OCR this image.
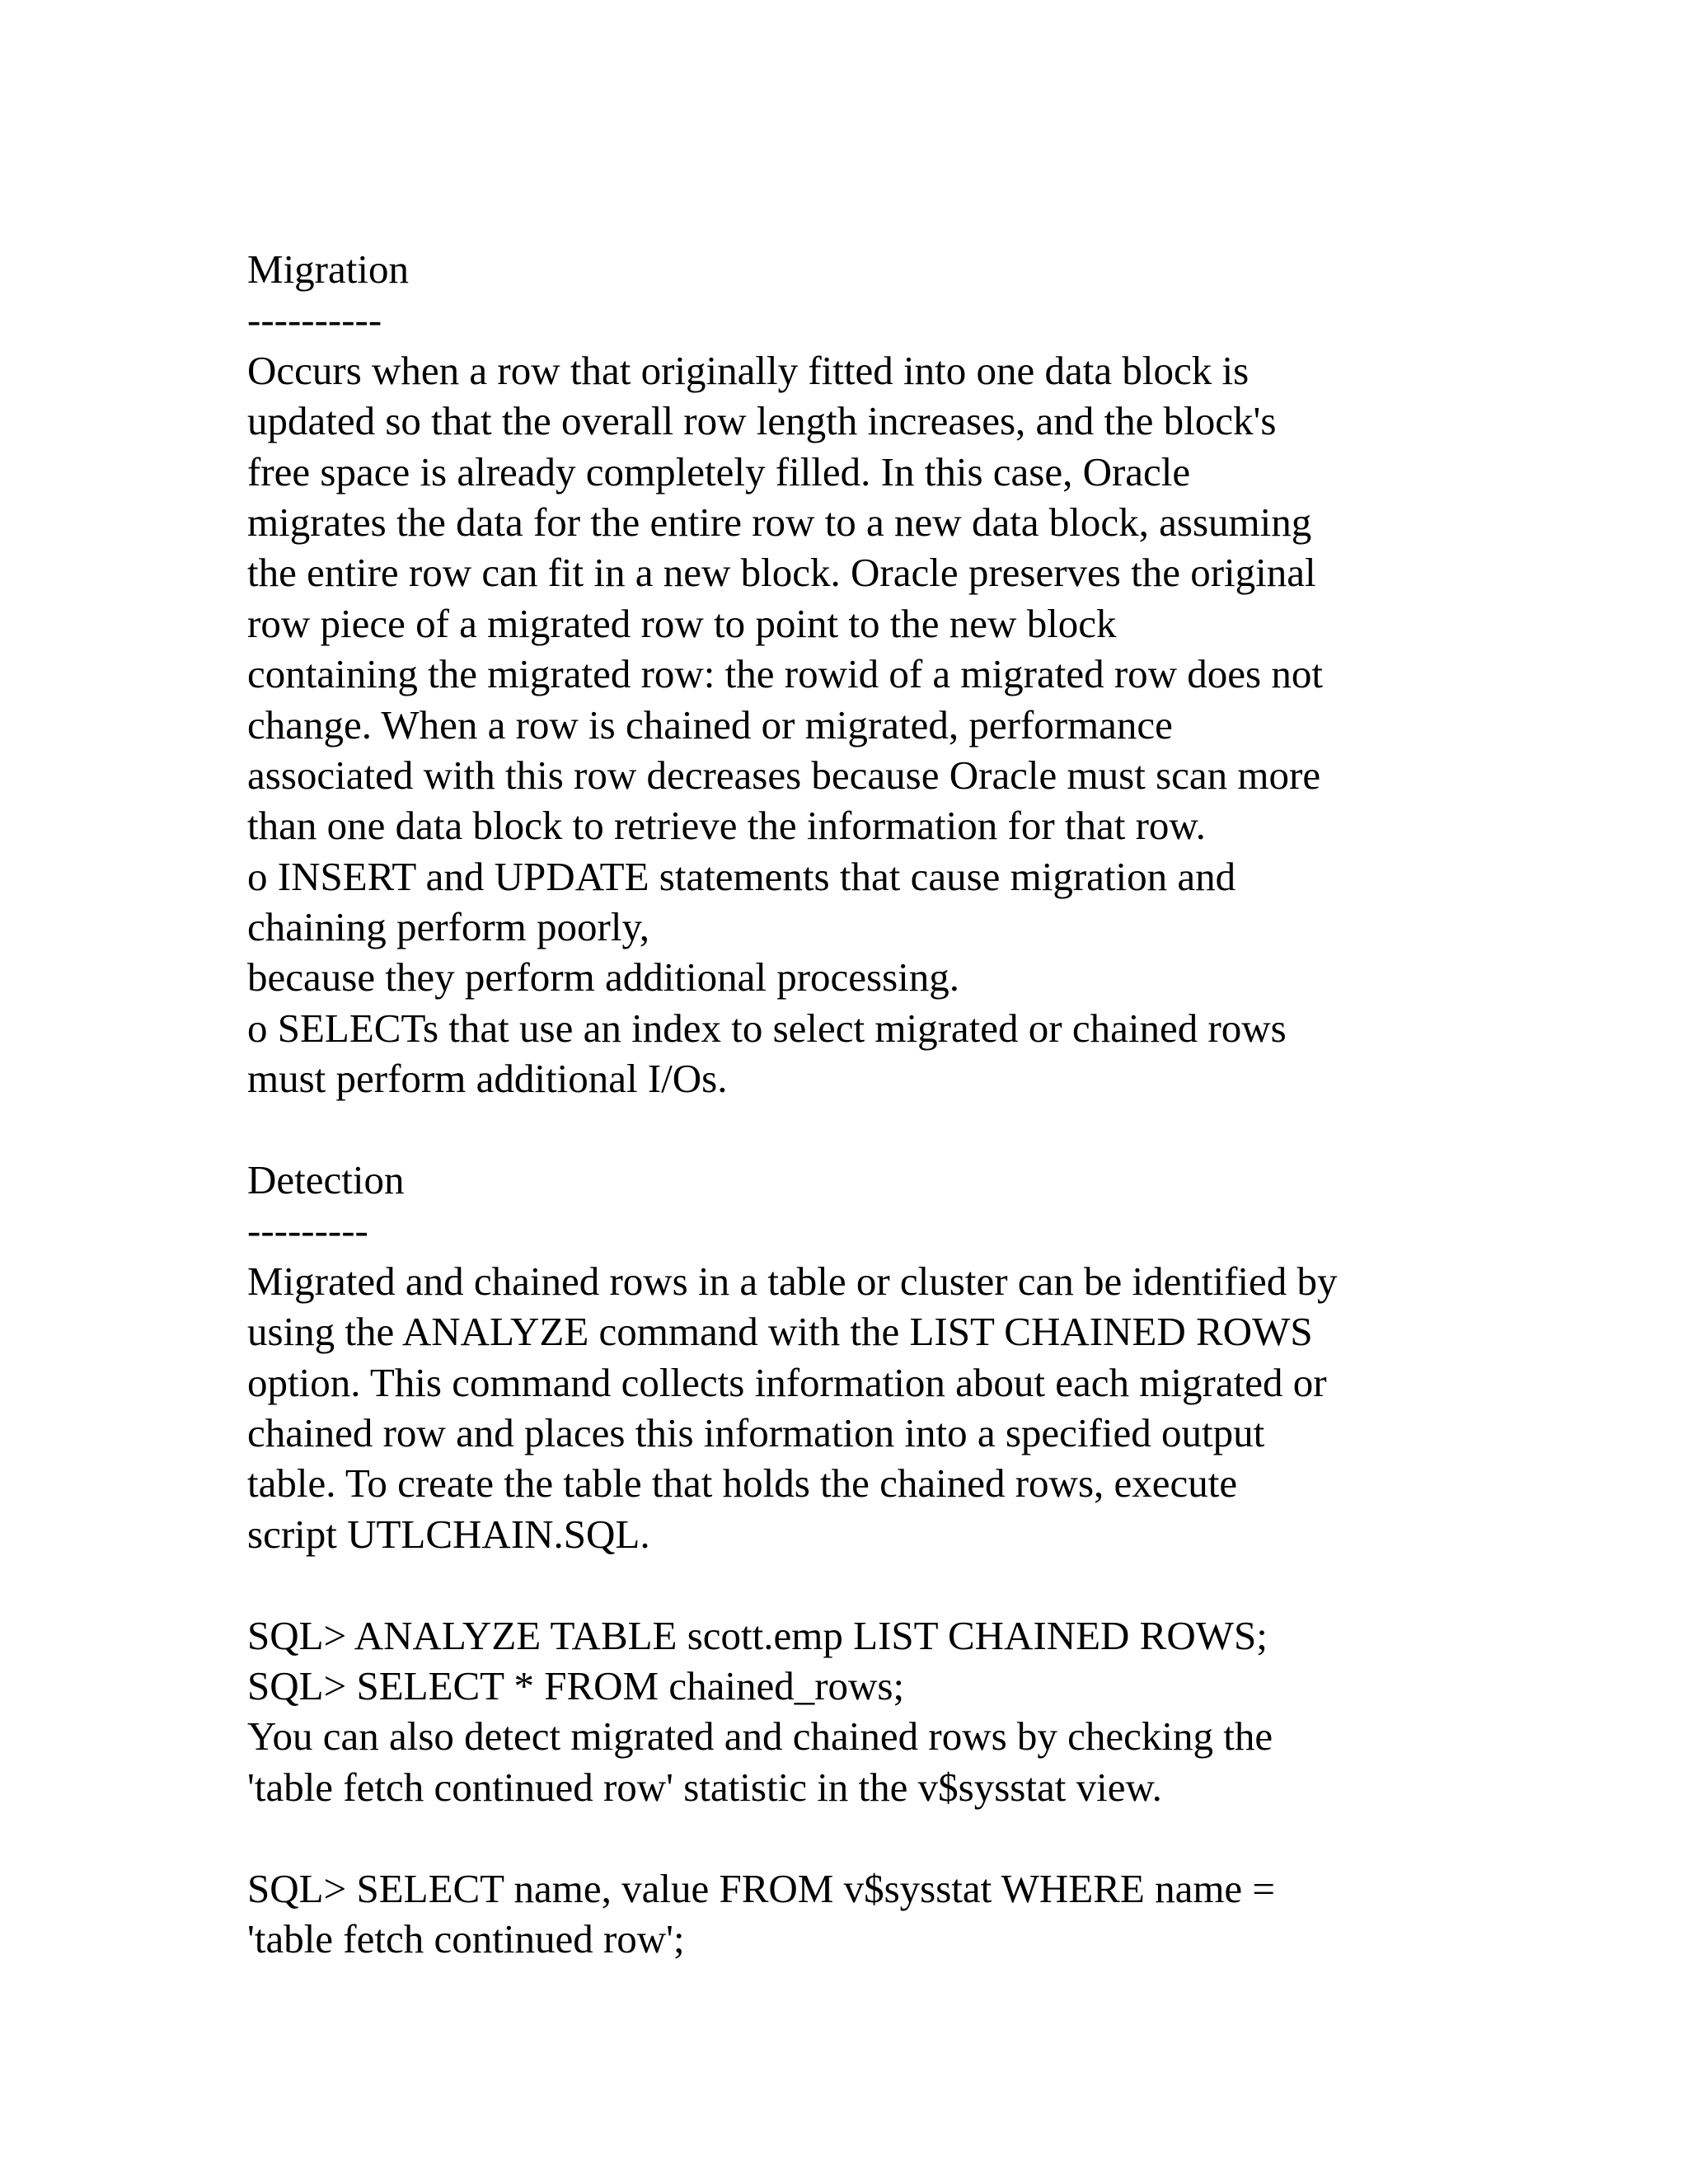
Migration
----------
Occurs when a row that originally fitted into one data block is
updated so that the overall row length increases, and the block's
free space is already completely filled. In this case, Oracle
migrates the data for the entire row to a new data block, assuming
the entire row can fit in a new block. Oracle preserves the original
row piece of a migrated row to point to the new block
containing the migrated row: the rowid of a migrated row does not
change. When a row is chained or migrated, performance
associated with this row decreases because Oracle must scan more
than one data block to retrieve the information for that row.
o INSERT and UPDATE statements that cause migration and
chaining perform poorly,
because they perform additional processing.
o SELECTs that use an index to select migrated or chained rows
must perform additional I/Os.
Detection
---------
Migrated and chained rows in a table or cluster can be identified by
using the ANALYZE command with the LIST CHAINED ROWS
option. This command collects information about each migrated or
chained row and places this information into a specified output
table. To create the table that holds the chained rows, execute
script UTLCHAIN.SQL.
SQL> ANALYZE TABLE scott.emp LIST CHAINED ROWS;
SQL> SELECT * FROM chained_rows;
You can also detect migrated and chained rows by checking the
'table fetch continued row' statistic in the v$sysstat view.
SQL> SELECT name, value FROM v$sysstat WHERE name =
'table fetch continued row';
